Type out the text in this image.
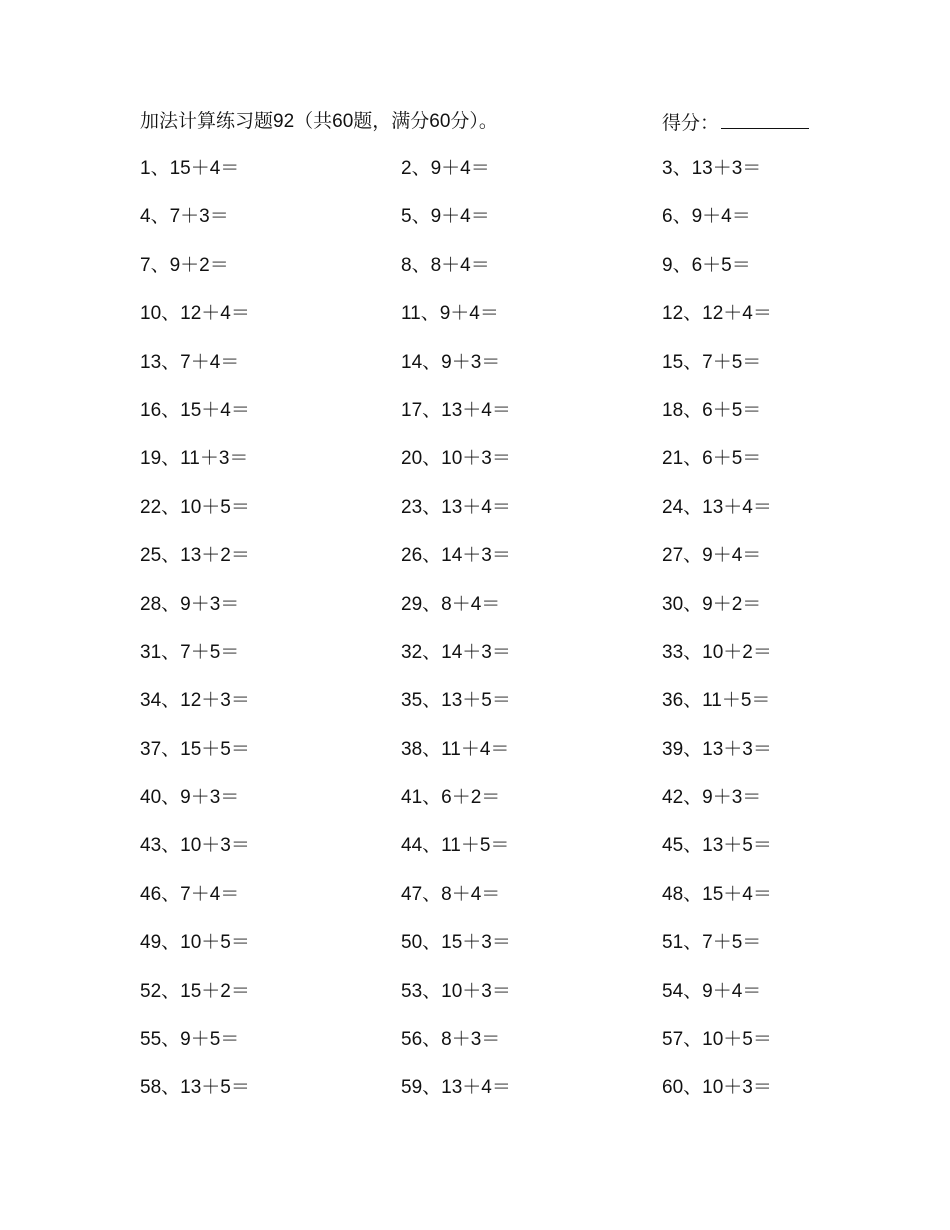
加法计算练习题92（共60题，满分60分）。	得分：
1、15＋4＝	2、9＋4＝	3、13＋3＝
4、7＋3＝	5、9＋4＝	6、9＋4＝
7、9＋2＝	8、8＋4＝	9、6＋5＝
10、12＋4＝	11、9＋4＝	12、12＋4＝
13、7＋4＝	14、9＋3＝	15、7＋5＝
16、15＋4＝	17、13＋4＝	18、6＋5＝
19、11＋3＝	20、10＋3＝	21、6＋5＝
22、10＋5＝	23、13＋4＝	24、13＋4＝
25、13＋2＝	26、14＋3＝	27、9＋4＝
28、9＋3＝	29、8＋4＝	30、9＋2＝
31、7＋5＝	32、14＋3＝	33、10＋2＝
34、12＋3＝	35、13＋5＝	36、11＋5＝
37、15＋5＝	38、11＋4＝	39、13＋3＝
40、9＋3＝	41、6＋2＝	42、9＋3＝
43、10＋3＝	44、11＋5＝	45、13＋5＝
46、7＋4＝	47、8＋4＝	48、15＋4＝
49、10＋5＝	50、15＋3＝	51、7＋5＝
52、15＋2＝	53、10＋3＝	54、9＋4＝
55、9＋5＝	56、8＋3＝	57、10＋5＝
58、13＋5＝	59、13＋4＝	60、10＋3＝
